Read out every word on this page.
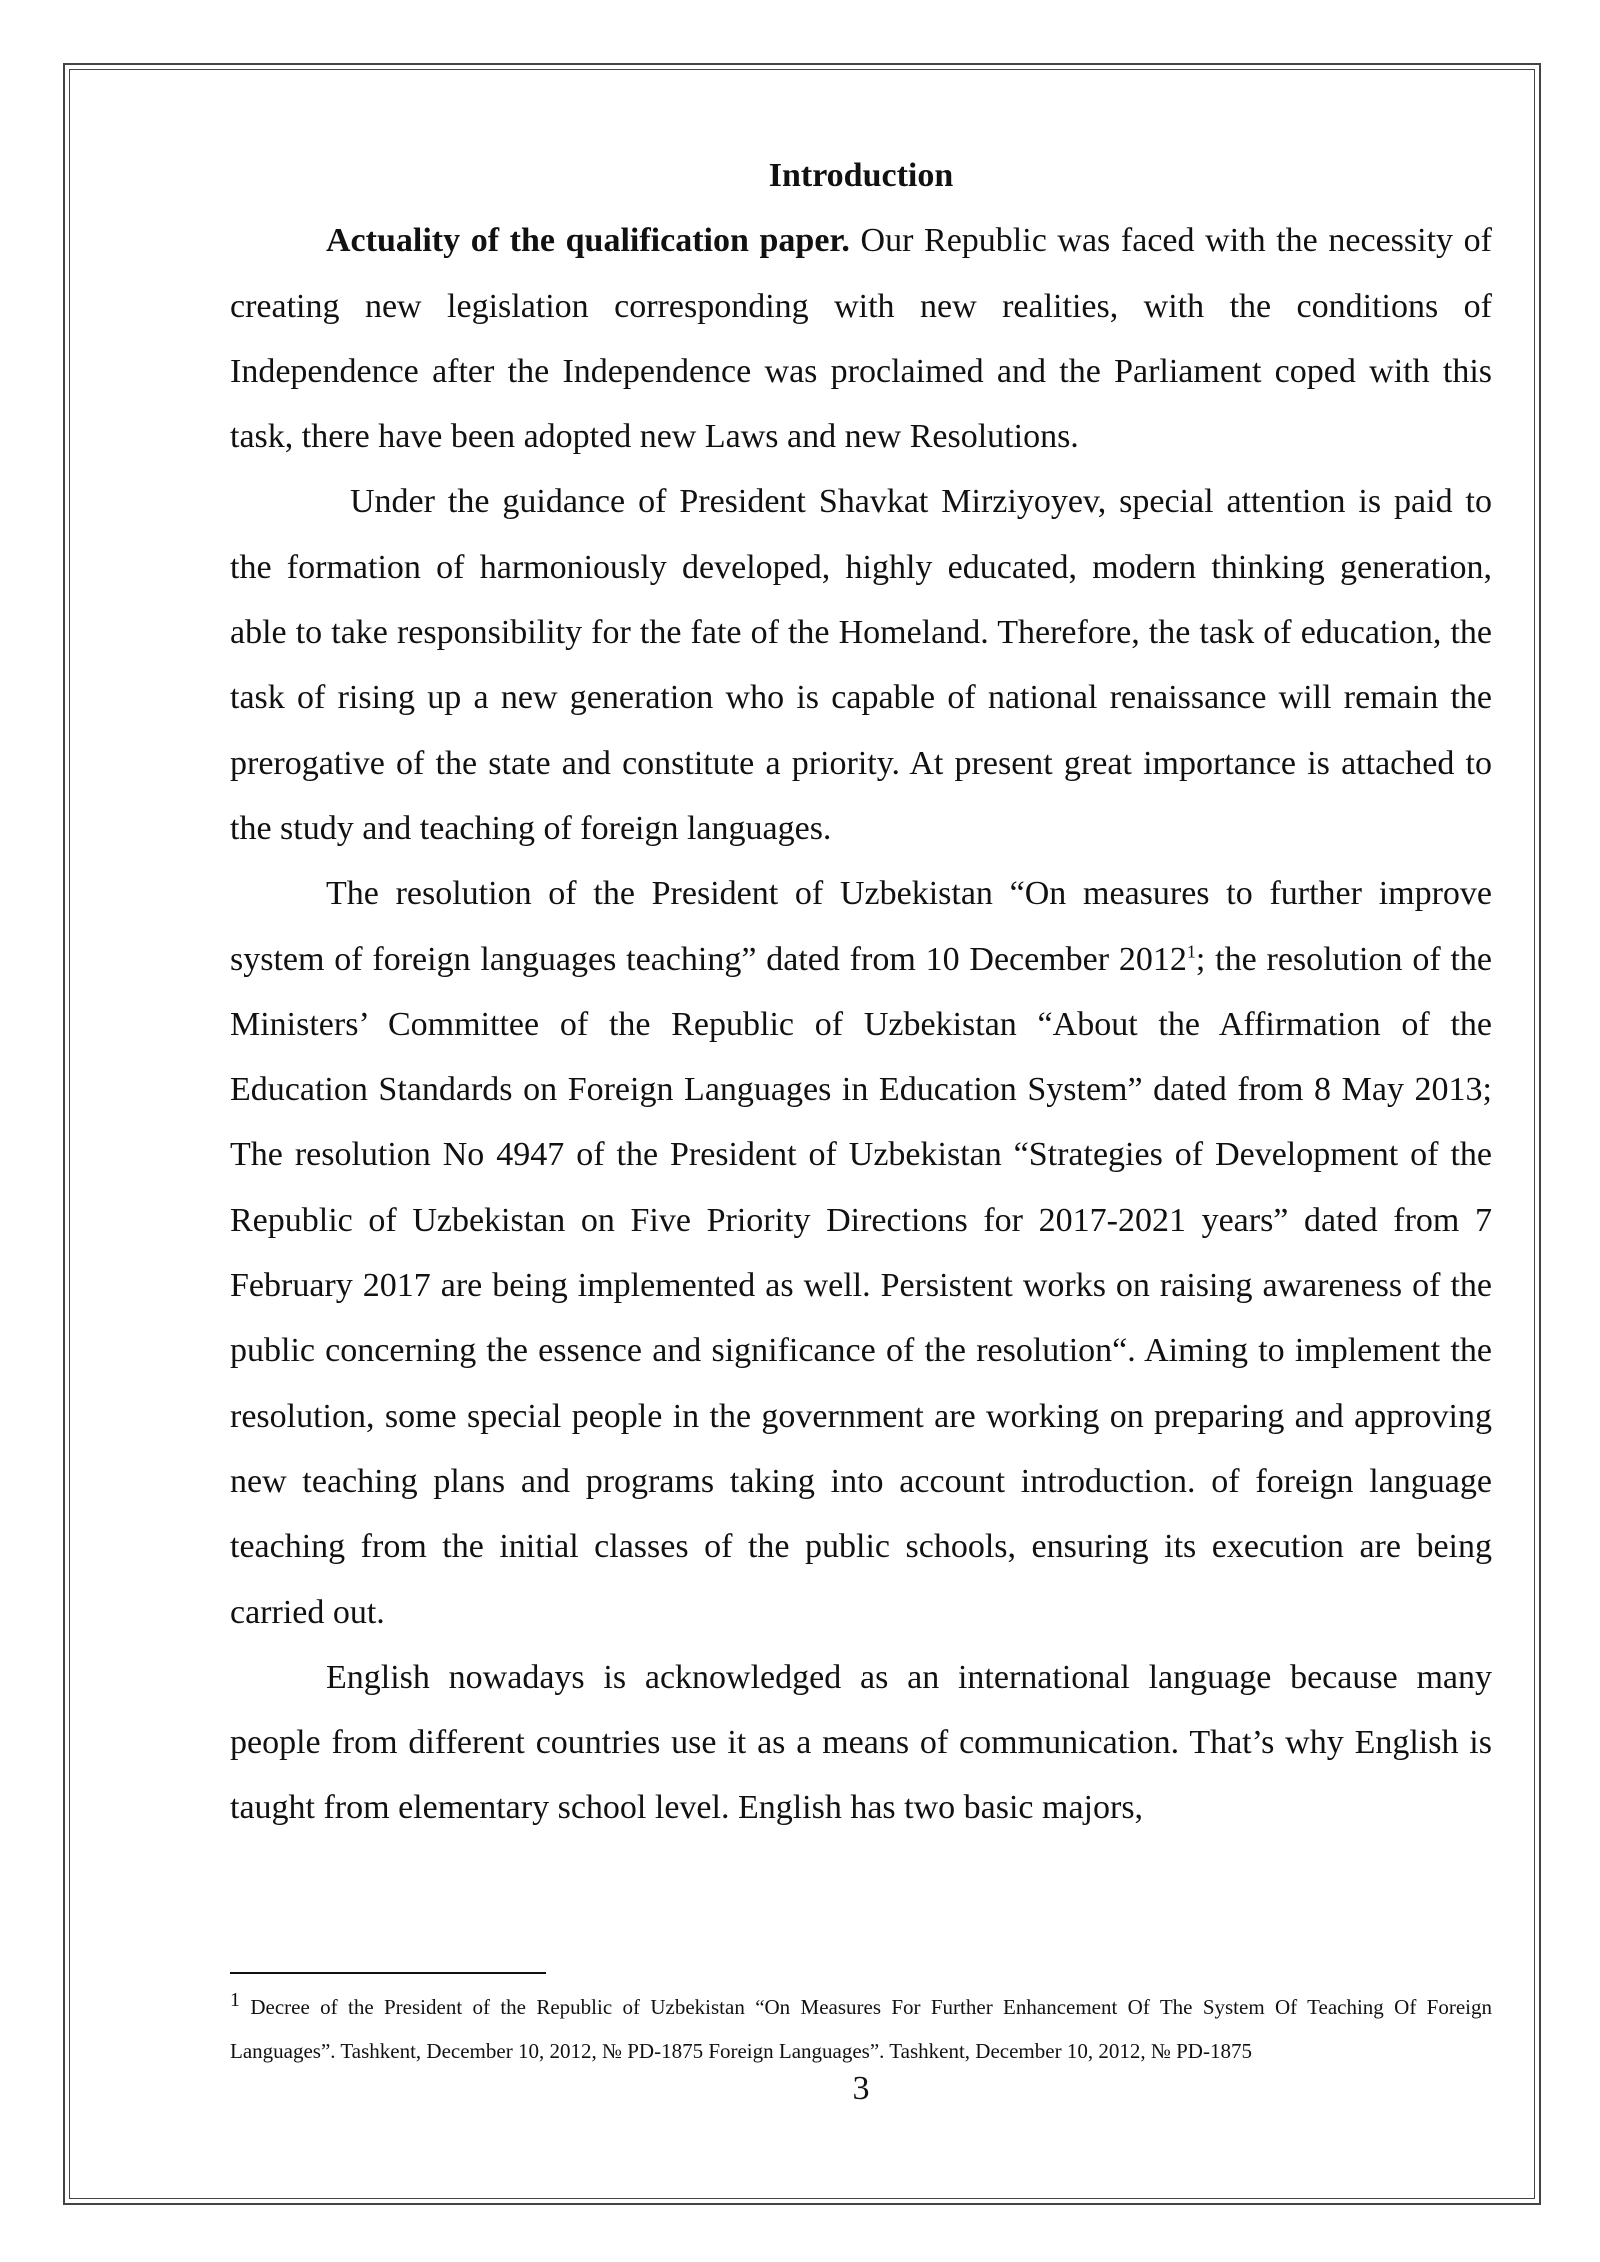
Introduction

Actuality of the qualification paper. Our Republic was faced with the necessity of creating new legislation corresponding with new realities, with the conditions of Independence after the Independence was proclaimed and the Parliament coped with this task, there have been adopted new Laws and new Resolutions.

Under the guidance of President Shavkat Mirziyoyev, special attention is paid to the formation of harmoniously developed, highly educated, modern thinking generation, able to take responsibility for the fate of the Homeland. Therefore, the task of education, the task of rising up a new generation who is capable of national renaissance will remain the prerogative of the state and constitute a priority. At present great importance is attached to the study and teaching of foreign languages.

The resolution of the President of Uzbekistan “On measures to further improve system of foreign languages teaching” dated from 10 December 2012$^1$; the resolution of the Ministers’ Committee of the Republic of Uzbekistan “About the Affirmation of the Education Standards on Foreign Languages in Education System” dated from 8 May 2013; The resolution No 4947 of the President of Uzbekistan “Strategies of Development of the Republic of Uzbekistan on Five Priority Directions for 2017-2021 years” dated from 7 February 2017 are being implemented as well. Persistent works on raising awareness of the public concerning the essence and significance of the resolution“. Aiming to implement the resolution, some special people in the government are working on preparing and approving new teaching plans and programs taking into account introduction. of foreign language teaching from the initial classes of the public schools, ensuring its execution are being carried out.

English nowadays is acknowledged as an international language because many people from different countries use it as a means of communication. That’s why English is taught from elementary school level. English has two basic majors,

$^1$ Decree of the President of the Republic of Uzbekistan “On Measures For Further Enhancement Of The System Of Teaching Of Foreign Languages”. Tashkent, December 10, 2012, № PD-1875 Foreign Languages”. Tashkent, December 10, 2012, № PD-1875
3
